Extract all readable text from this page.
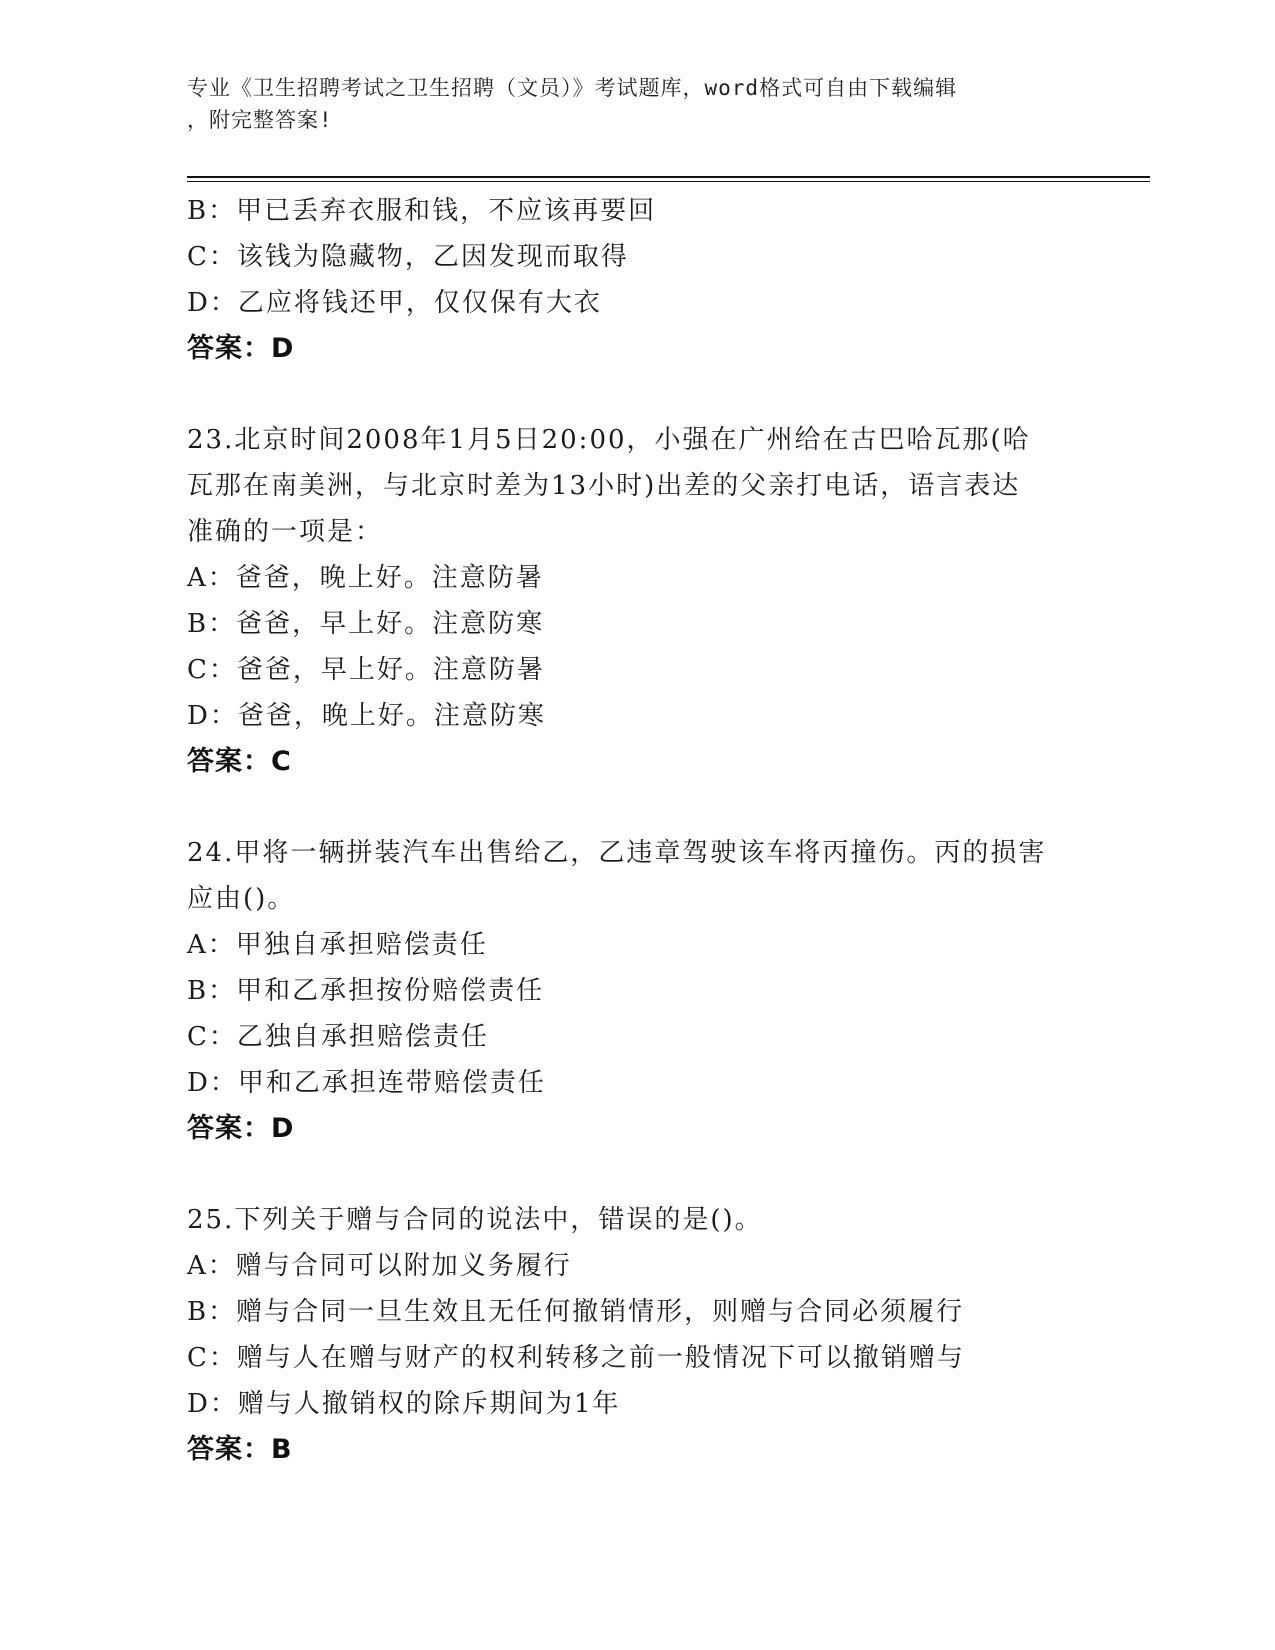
专业《卫生招聘考试之卫生招聘（文员）》考试题库，word格式可自由下载编辑
，附完整答案!
B：甲已丢弃衣服和钱，不应该再要回
C：该钱为隐藏物，乙因发现而取得
D：乙应将钱还甲，仅仅保有大衣
答案：D
23.北京时间2008年1月5日20:00，小强在广州给在古巴哈瓦那(哈
瓦那在南美洲，与北京时差为13小时)出差的父亲打电话，语言表达
准确的一项是：
A：爸爸，晚上好。注意防暑
B：爸爸，早上好。注意防寒
C：爸爸，早上好。注意防暑
D：爸爸，晚上好。注意防寒
答案：C
24.甲将一辆拼装汽车出售给乙，乙违章驾驶该车将丙撞伤。丙的损害
应由()。
A：甲独自承担赔偿责任
B：甲和乙承担按份赔偿责任
C：乙独自承担赔偿责任
D：甲和乙承担连带赔偿责任
答案：D
25.下列关于赠与合同的说法中，错误的是()。
A：赠与合同可以附加义务履行
B：赠与合同一旦生效且无任何撤销情形，则赠与合同必须履行
C：赠与人在赠与财产的权利转移之前一般情况下可以撤销赠与
D：赠与人撤销权的除斥期间为1年
答案：B
